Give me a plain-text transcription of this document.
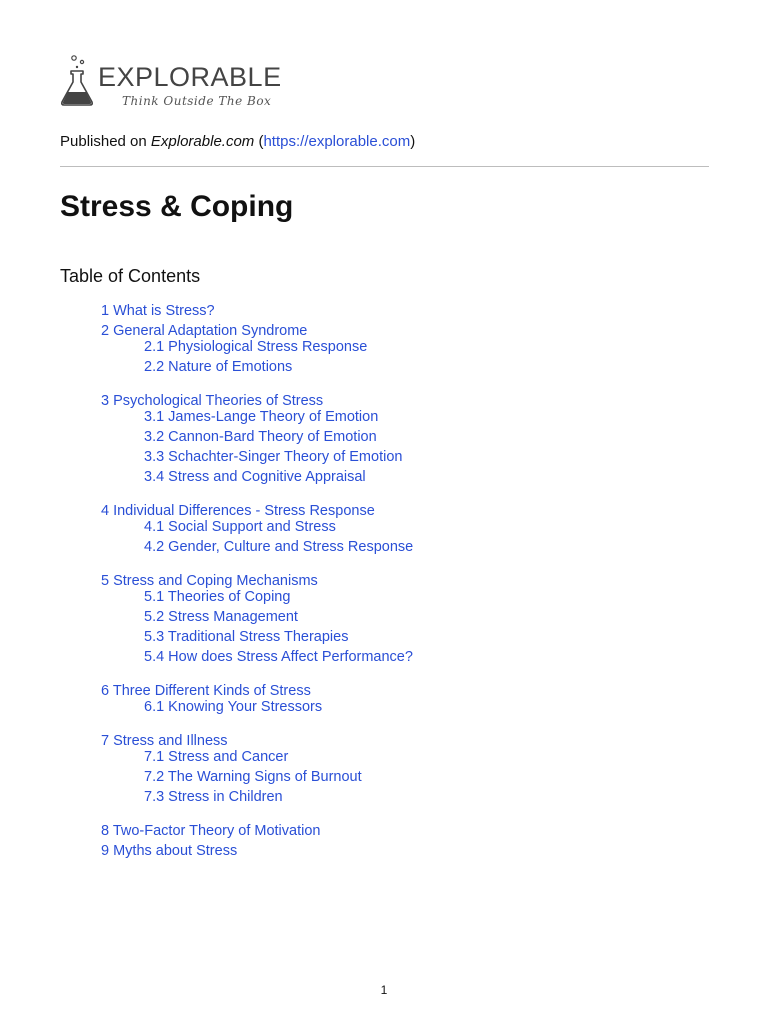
EXPLORABLE
Think Outside The Box
Published on Explorable.com (https://explorable.com)
Stress & Coping
Table of Contents
1 What is Stress?
2 General Adaptation Syndrome
2.1 Physiological Stress Response
2.2 Nature of Emotions
3 Psychological Theories of Stress
3.1 James-Lange Theory of Emotion
3.2 Cannon-Bard Theory of Emotion
3.3 Schachter-Singer Theory of Emotion
3.4 Stress and Cognitive Appraisal
4 Individual Differences - Stress Response
4.1 Social Support and Stress
4.2 Gender, Culture and Stress Response
5 Stress and Coping Mechanisms
5.1 Theories of Coping
5.2 Stress Management
5.3 Traditional Stress Therapies
5.4 How does Stress Affect Performance?
6 Three Different Kinds of Stress
6.1 Knowing Your Stressors
7 Stress and Illness
7.1 Stress and Cancer
7.2 The Warning Signs of Burnout
7.3 Stress in Children
8 Two-Factor Theory of Motivation
9 Myths about Stress
1
